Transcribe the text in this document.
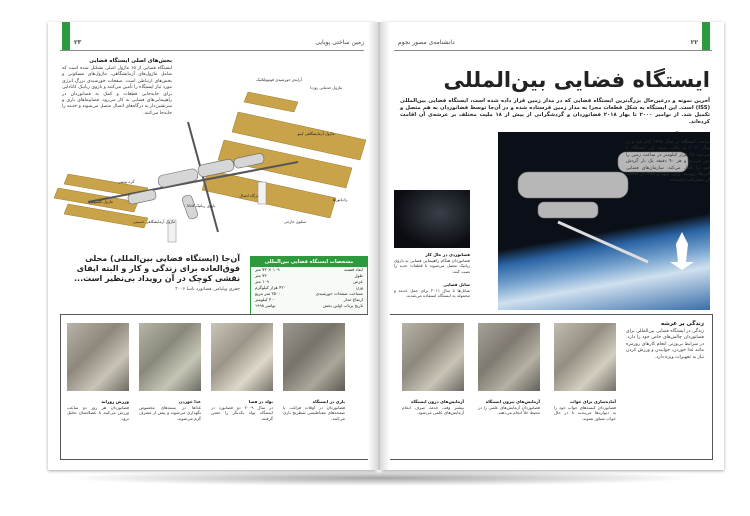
۲۳	زمین ساختی پویایی
آرایه‌ی خورشیدی فوتوولتائیک
ماژول خدماتی زوزدا
ماژول آزمایشگاهی کیبو
درگاه اتصال
بازوی رباتیک کانادا
ماژول آزمایشگاهی دستینی
ماژول کلمبوس	رادیاتورها
گره یونیتی
سکوی خارجی
بخش‌های اصلی ایستگاه فضایی
ایستگاه فضایی از ۱۵ ماژول اصلی تشکیل شده است که شامل ماژول‌های آزمایشگاهی، ماژول‌های مسکونی و بخش‌های ارتباطی است. صفحات خورشیدی بزرگ انرژی مورد نیاز ایستگاه را تأمین می‌کنند و بازوی رباتیک کانادایی برای جابه‌جایی قطعات و کمک به فضانوردان در راهپیمایی‌های فضایی به کار می‌رود. فضاپیماهای باری و سرنشین‌دار به درگاه‌های اتصال متصل می‌شوند و خدمه را جابه‌جا می‌کنند.
آن‌جا (ایستگاه فضایی بین‌المللی) محلی فوق‌العاده برای زندگی و کار و البته ایفای نقشی کوچک در آن رویداد بی‌نظیر است...
جفری ویلیامز، فضانورد ناسا ۲۰۰۶
مشخصات ایستگاه فضایی بین‌المللی
ابعاد قفسه
۱۰۹ × ۷۳ متر
طول
۷۳ متر
عرض
۱۰۹ متر
وزن
۴۲۰ هزار کیلوگرم
مساحت صفحات خورشیدی
۲۵۰۰ متر مربع
ارتفاع مدار
۴۰۰ کیلومتر
تاریخ پرتاب اولین بخش
نوامبر ۱۹۹۸
ورزش روزانه
فضانوردان هر روز دو ساعت ورزش می‌کنند تا عضلاتشان تحلیل نرود.
غذا خوردن
غذاها در بسته‌های مخصوص نگهداری می‌شوند و پیش از مصرف گرم می‌شوند.
تولد در فضا
در سال ۲۰۰۹ دو فضانورد در ایستگاه تولد یکدیگر را جشن گرفتند.
بازی در ایستگاه
فضانوردان در اوقات فراغت با صفحه‌های مغناطیسی شطرنج بازی می‌کنند.
دانشنامه‌ی مصور نجوم	۲۲
ایستگاه فضایی بین‌المللی
آخرین نمونه و درعین‌حال بزرگ‌ترین ایستگاه فضایی که در مدار زمین قرار داده شده است، ایستگاه فضایی بین‌المللی (ISS) است. این ایستگاه به شکل قطعات مجزا به مدار زمین فرستاده شده و در آن‌جا توسط فضانوردان به هم متصل و تکمیل شد. از نوامبر ۲۰۰۰ تا بهار ۲۰۱۸ فضانوردان و گردشگرانی از بیش از ۱۸ ملیت مختلف بر عرشه‌ی آن اقامت کرده‌اند.
ساختار ایستگاه
ساخت ایستگاه در سال ۱۹۹۸ آغاز شد و در سال ۲۰۱۱ به پایان رسید. این ایستگاه با سرعت ۲۸ هزار کیلومتر در ساعت زمین را دور می‌زند و هر ۹۰ دقیقه یک بار گردش خود را کامل می‌کند. سازمان‌های فضایی آمریکا، روسیه، ژاپن، اروپا و کانادا در ساخت آن مشارکت داشته‌اند.
فضانوردی در حال کار
فضانوردان هنگام راهپیمایی فضایی به بازوی رباتیک متصل می‌شوند تا قطعات جدید را نصب کنند.
شاتل فضایی
شاتل‌ها تا سال ۲۰۱۱ برای حمل خدمه و محموله به ایستگاه استفاده می‌شدند.
زندگی بر عرشه
زندگی در ایستگاه فضایی بین‌المللی برای فضانوردان چالش‌های خاص خود را دارد. در شرایط بی‌وزنی انجام کارهای روزمره مانند غذا خوردن، خوابیدن و ورزش کردن نیاز به تجهیزات ویژه دارد.
آزمایش‌های درون ایستگاه
بیشتر وقت خدمه صرف انجام آزمایش‌های علمی می‌شود.
آزمایش‌های بیرون ایستگاه
فضانوردان آزمایش‌های علمی را در محیط خلأ انجام می‌دهند.
آماده‌سازی برای خواب
فضانوردان کیسه‌های خواب خود را به دیواره‌ها می‌بندند تا در حال خواب شناور نشوند.
